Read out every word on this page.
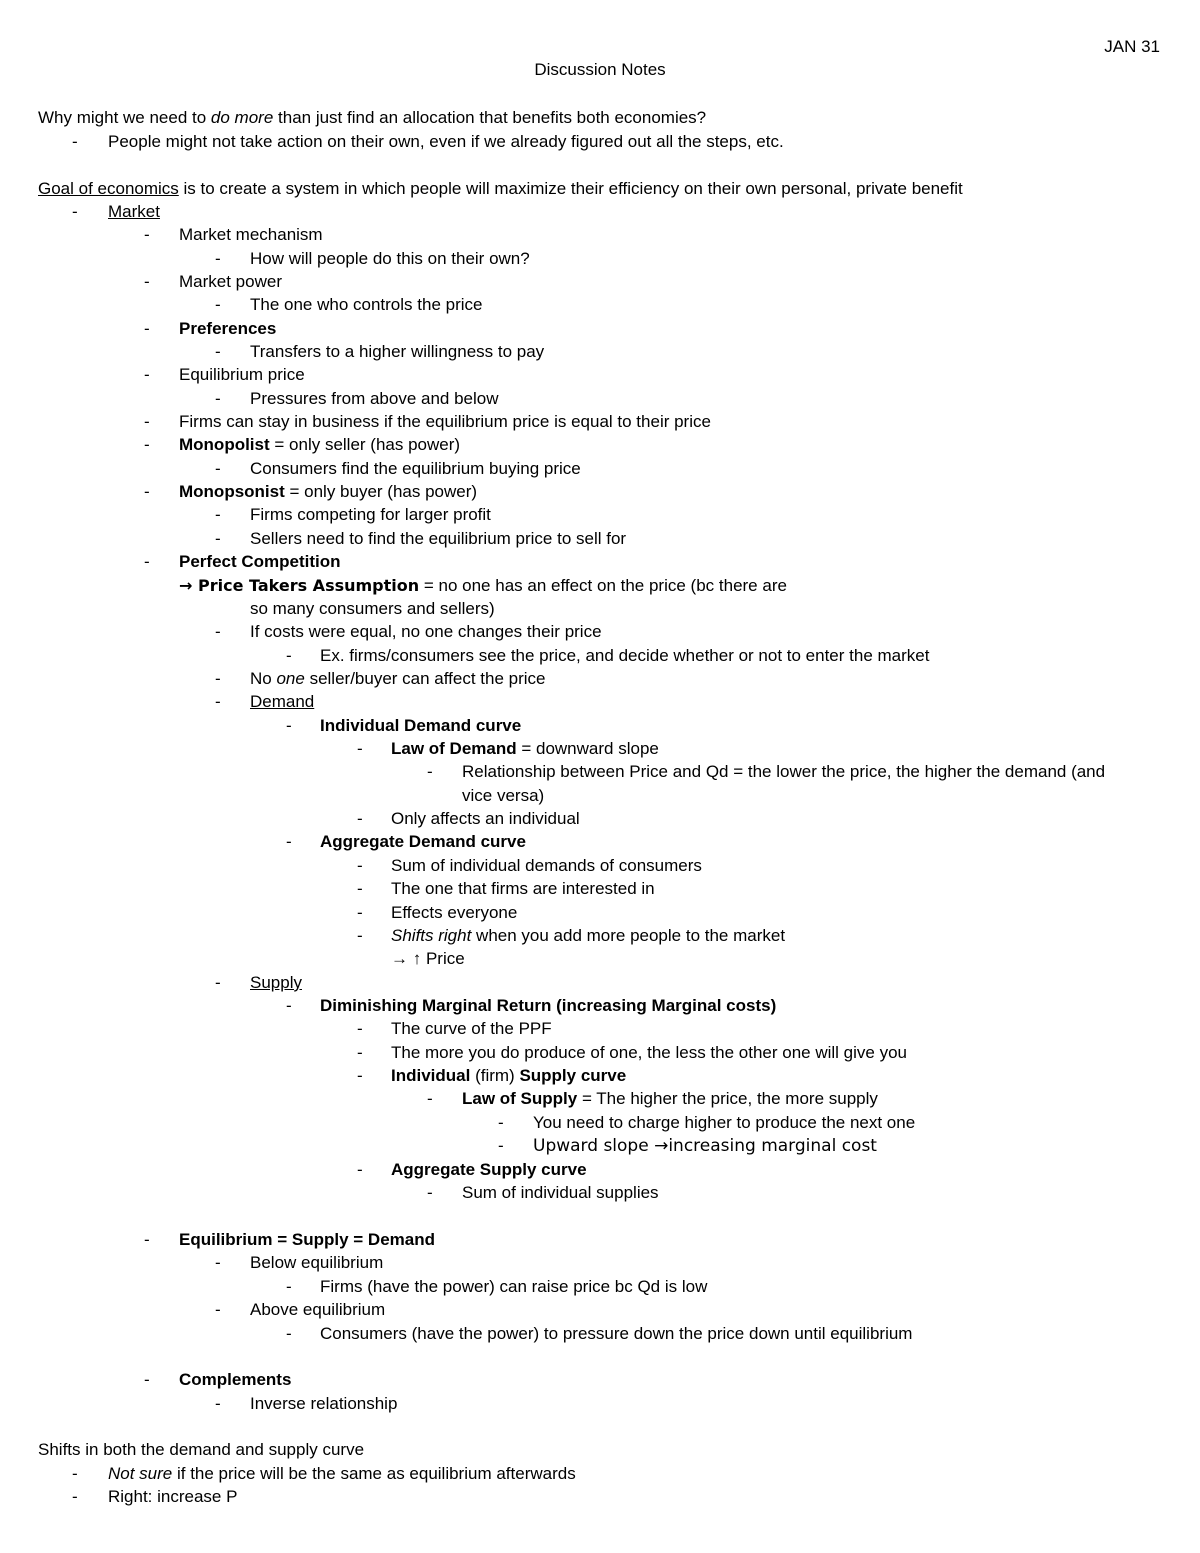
JAN 31
Discussion Notes
Why might we need to do more than just find an allocation that benefits both economies?
- People might not take action on their own, even if we already figured out all the steps, etc.
Goal of economics is to create a system in which people will maximize their efficiency on their own personal, private benefit
- Market
- Market mechanism
- How will people do this on their own?
- Market power
- The one who controls the price
- Preferences
- Transfers to a higher willingness to pay
- Equilibrium price
- Pressures from above and below
- Firms can stay in business if the equilibrium price is equal to their price
- Monopolist = only seller (has power)
- Consumers find the equilibrium buying price
- Monopsonist = only buyer (has power)
- Firms competing for larger profit
- Sellers need to find the equilibrium price to sell for
- Perfect Competition
→ Price Takers Assumption = no one has an effect on the price (bc there are
so many consumers and sellers)
- If costs were equal, no one changes their price
- Ex. firms/consumers see the price, and decide whether or not to enter the market
- No one seller/buyer can affect the price
- Demand
- Individual Demand curve
- Law of Demand = downward slope
- Relationship between Price and Qd = the lower the price, the higher the demand (and
vice versa)
- Only affects an individual
- Aggregate Demand curve
- Sum of individual demands of consumers
- The one that firms are interested in
- Effects everyone
- Shifts right when you add more people to the market
→ ↑ Price
- Supply
- Diminishing Marginal Return (increasing Marginal costs)
- The curve of the PPF
- The more you do produce of one, the less the other one will give you
- Individual (firm) Supply curve
- Law of Supply = The higher the price, the more supply
- You need to charge higher to produce the next one
- Upward slope →increasing marginal cost
- Aggregate Supply curve
- Sum of individual supplies
- Equilibrium = Supply = Demand
- Below equilibrium
- Firms (have the power) can raise price bc Qd is low
- Above equilibrium
- Consumers (have the power) to pressure down the price down until equilibrium
- Complements
- Inverse relationship
Shifts in both the demand and supply curve
- Not sure if the price will be the same as equilibrium afterwards
- Right: increase P
